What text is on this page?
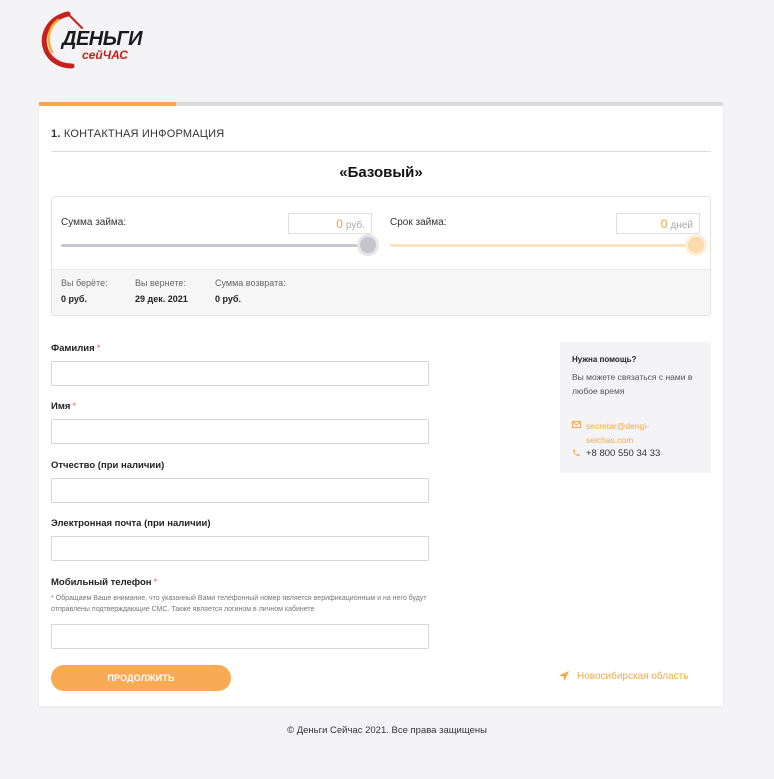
ДЕНЬГИ
сейЧАС
1. КОНТАКТНАЯ ИНФОРМАЦИЯ
«Базовый»
Сумма займа:	0 руб.	Срок займа:	0 дней
Вы берёте:
0 руб.
Вы вернете:
29 дек. 2021
Сумма возврата:
0 руб.
Фамилия *
Имя *
Отчество (при наличии)
Электронная почта (при наличии)
Мобильный телефон *
* Обращаем Ваше внимание, что указанный Вами телефонный номер является верификационным и на него будут отправлены подтверждающие СМС. Также является логином в личном кабинете
ПРОДОЛЖИТЬ	Новосибирская область
Нужна помощь?
Вы можете связаться с нами в любое время
secretar@dengi-seichas.com
+8 800 550 34 33
© Деньги Сейчас 2021. Все права защищены
